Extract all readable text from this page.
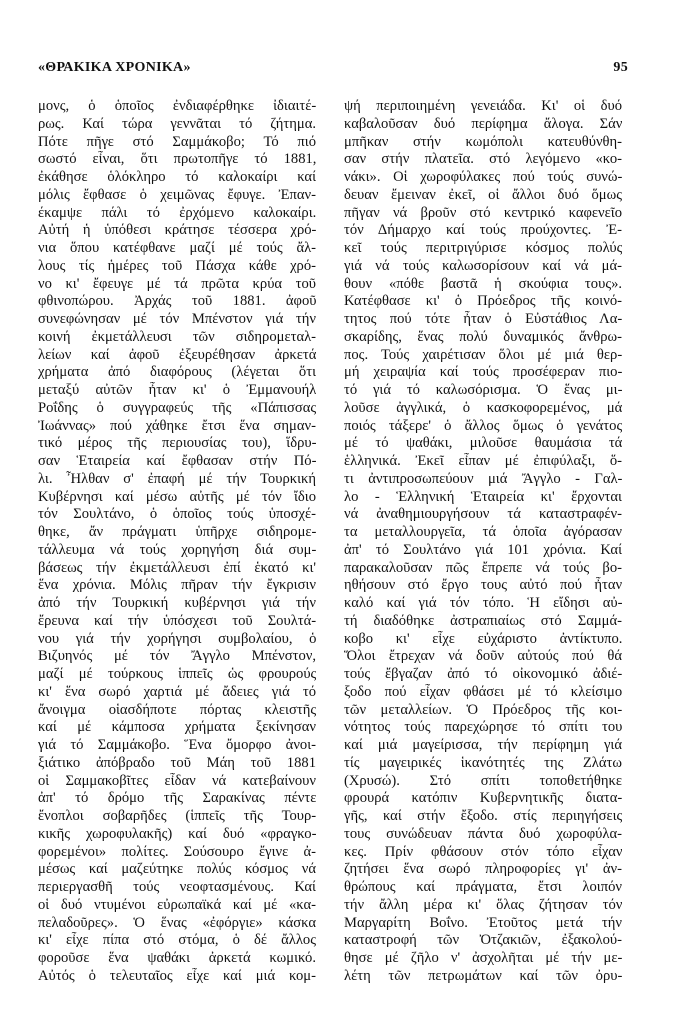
«ΘΡΑΚΙΚΑ ΧΡΟΝΙΚΑ»	95
μονς, ὁ ὁποῖος ἐνδιαφέρθηκε ἰδιαιτέ-
ρως. Καί τώρα γεννᾶται τό ζήτημα.
Πότε πῆγε στό Σαμμάκοβο; Τό πιό
σωστό εἶναι, ὅτι πρωτοπῆγε τό 1881,
ἐκάθησε ὁλόκληρο τό καλοκαίρι καί
μόλις ἔφθασε ὁ χειμῶνας ἔφυγε. Ἐπαν-
έκαμψε πάλι τό ἐρχόμενο καλοκαίρι.
Αὐτή ἡ ὑπόθεσι κράτησε τέσσερα χρό-
νια ὅπου κατέφθανε μαζί μέ τούς ἄλ-
λους τίς ἡμέρες τοῦ Πάσχα κάθε χρό-
νο κι' ἔφευγε μέ τά πρῶτα κρύα τοῦ
φθινοπώρου. Ἀρχάς τοῦ 1881. ἀφοῦ
συνεφώνησαν μέ τόν Μπένστον γιά τήν
κοινή ἐκμετάλλευσι τῶν σιδηρομεταλ-
λείων καί ἀφοῦ ἐξευρέθησαν ἀρκετά
χρήματα ἀπό διαφόρους (λέγεται ὅτι
μεταξύ αὐτῶν ἦταν κι' ὁ Ἐμμανουήλ
Ροΐδης ὁ συγγραφεύς τῆς «Πάπισσας
Ἰωάννας» πού χάθηκε ἔτσι ἕνα σημαν-
τικό μέρος τῆς περιουσίας του), ἵδρυ-
σαν Ἑταιρεία καί ἔφθασαν στήν Πό-
λι. Ἦλθαν σ' ἐπαφή μέ τήν Τουρκική
Κυβέρνησι καί μέσω αὐτῆς μέ τόν ἴδιο
τόν Σουλτάνο, ὁ ὁποῖος τούς ὑποσχέ-
θηκε, ἄν πράγματι ὑπῆρχε σιδηρομε-
τάλλευμα νά τούς χορηγήση διά συμ-
βάσεως τήν ἐκμετάλλευσι ἐπί ἑκατό κι'
ἕνα χρόνια. Μόλις πῆραν τήν ἔγκρισιν
ἀπό τήν Τουρκική κυβέρνησι γιά τήν
ἔρευνα καί τήν ὑπόσχεσι τοῦ Σουλτά-
νου γιά τήν χορήγησι συμβολαίου, ὁ
Βιζυηνός μέ τόν Ἄγγλο Μπένστον,
μαζί μέ τούρκους ἱππεῖς ὡς φρουρούς
κι' ἕνα σωρό χαρτιά μέ ἄδειες γιά τό
ἄνοιγμα οἱασδήποτε πόρτας κλειστῆς
καί μέ κάμποσα χρήματα ξεκίνησαν
γιά τό Σαμμάκοβο. Ἕνα ὄμορφο ἀνοι-
ξιάτικο ἀπόβραδο τοῦ Μάη τοῦ 1881
οἱ Σαμμακοβῖτες εἶδαν νά κατεβαίνουν
ἀπ' τό δρόμο τῆς Σαρακίνας πέντε
ἔνοπλοι σοβαρῆδες (ἱππεῖς τῆς Τουρ-
κικῆς χωροφυλακῆς) καί δυό «φραγκο-
φορεμένοι» πολίτες. Σούσουρο ἔγινε ἀ-
μέσως καί μαζεύτηκε πολύς κόσμος νά
περιεργασθῆ τούς νεοφτασμένους. Καί
οἱ δυό ντυμένοι εὐρωπαϊκά καί μέ «κα-
πελαδοῦρες». Ὁ ἕνας «ἐφόργιε» κάσκα
κι' εἶχε πίπα στό στόμα, ὁ δέ ἄλλος
φοροῦσε ἕνα ψαθάκι ἀρκετά κωμικό.
Αὐτός ὁ τελευταῖος εἶχε καί μιά κομ-
ψή περιποιημένη γενειάδα. Κι' οἱ δυό
καβαλοῦσαν δυό περίφημα ἄλογα. Σάν
μπῆκαν στήν κωμόπολι κατευθύνθη-
σαν στήν πλατεῖα. στό λεγόμενο «κο-
νάκι». Οἱ χωροφύλακες πού τούς συνώ-
δευαν ἔμειναν ἐκεῖ, οἱ ἄλλοι δυό ὅμως
πῆγαν νά βροῦν στό κεντρικό καφενεῖο
τόν Δήμαρχο καί τούς προύχοντες. Ἐ-
κεῖ τούς περιτριγύρισε κόσμος πολύς
γιά νά τούς καλωσορίσουν καί νά μά-
θουν «πόθε βαστᾶ ἡ σκούφια τους».
Κατέφθασε κι' ὁ Πρόεδρος τῆς κοινό-
τητος πού τότε ἦταν ὁ Εὐστάθιος Λα-
σκαρίδης, ἕνας πολύ δυναμικός ἄνθρω-
πος. Τούς χαιρέτισαν ὅλοι μέ μιά θερ-
μή χειραψία καί τούς προσέφεραν πιο-
τό γιά τό καλωσόρισμα. Ὁ ἕνας μι-
λοῦσε ἀγγλικά, ὁ κασκοφορεμένος, μά
ποιός τάξερε' ὁ ἄλλος ὅμως ὁ γενάτος
μέ τό ψαθάκι, μιλοῦσε θαυμάσια τά
ἑλληνικά. Ἐκεῖ εἶπαν μέ ἐπιφύλαξι, ὅ-
τι ἀντιπροσωπεύουν μιά Ἄγγλο - Γαλ-
λο - Ἑλληνική Ἑταιρεία κι' ἔρχονται
νά ἀναθημιουργήσουν τά καταστραφέν-
τα μεταλλουργεῖα, τά ὁποῖα ἀγόρασαν
ἀπ' τό Σουλτάνο γιά 101 χρόνια. Καί
παρακαλοῦσαν πῶς ἔπρεπε νά τούς βο-
ηθήσουν στό ἔργο τους αὐτό πού ἦταν
καλό καί γιά τόν τόπο. Ἡ εἴδησι αὐ-
τή διαδόθηκε ἀστραπιαίως στό Σαμμά-
κοβο κι' εἶχε εὐχάριστο ἀντίκτυπο.
Ὅλοι ἔτρεχαν νά δοῦν αὐτούς πού θά
τούς ἔβγαζαν ἀπό τό οἰκονομικό ἀδιέ-
ξοδο πού εἶχαν φθάσει μέ τό κλείσιμο
τῶν μεταλλείων. Ὁ Πρόεδρος τῆς κοι-
νότητος τούς παρεχώρησε τό σπίτι του
καί μιά μαγείρισσα, τήν περίφημη γιά
τίς μαγειρικές ἱκανότητές της Ζλάτω
(Χρυσώ). Στό σπίτι τοποθετήθηκε
φρουρά κατόπιν Κυβερνητικῆς διατα-
γῆς, καί στήν ἔξοδο. στίς περιηγήσεις
τους συνώδευαν πάντα δυό χωροφύλα-
κες. Πρίν φθάσουν στόν τόπο εἶχαν
ζητήσει ἕνα σωρό πληροφορίες γι' ἀν-
θρώπους καί πράγματα, ἔτσι λοιπόν
τήν ἄλλη μέρα κι' ὅλας ζήτησαν τόν
Μαργαρίτη Βοΐνο. Ἐτοῦτος μετά τήν
καταστροφή τῶν Ὀτζακιῶν, ἐξακολού-
θησε μέ ζῆλο ν' ἀσχολῆται μέ τήν με-
λέτη τῶν πετρωμάτων καί τῶν ὀρυ-
